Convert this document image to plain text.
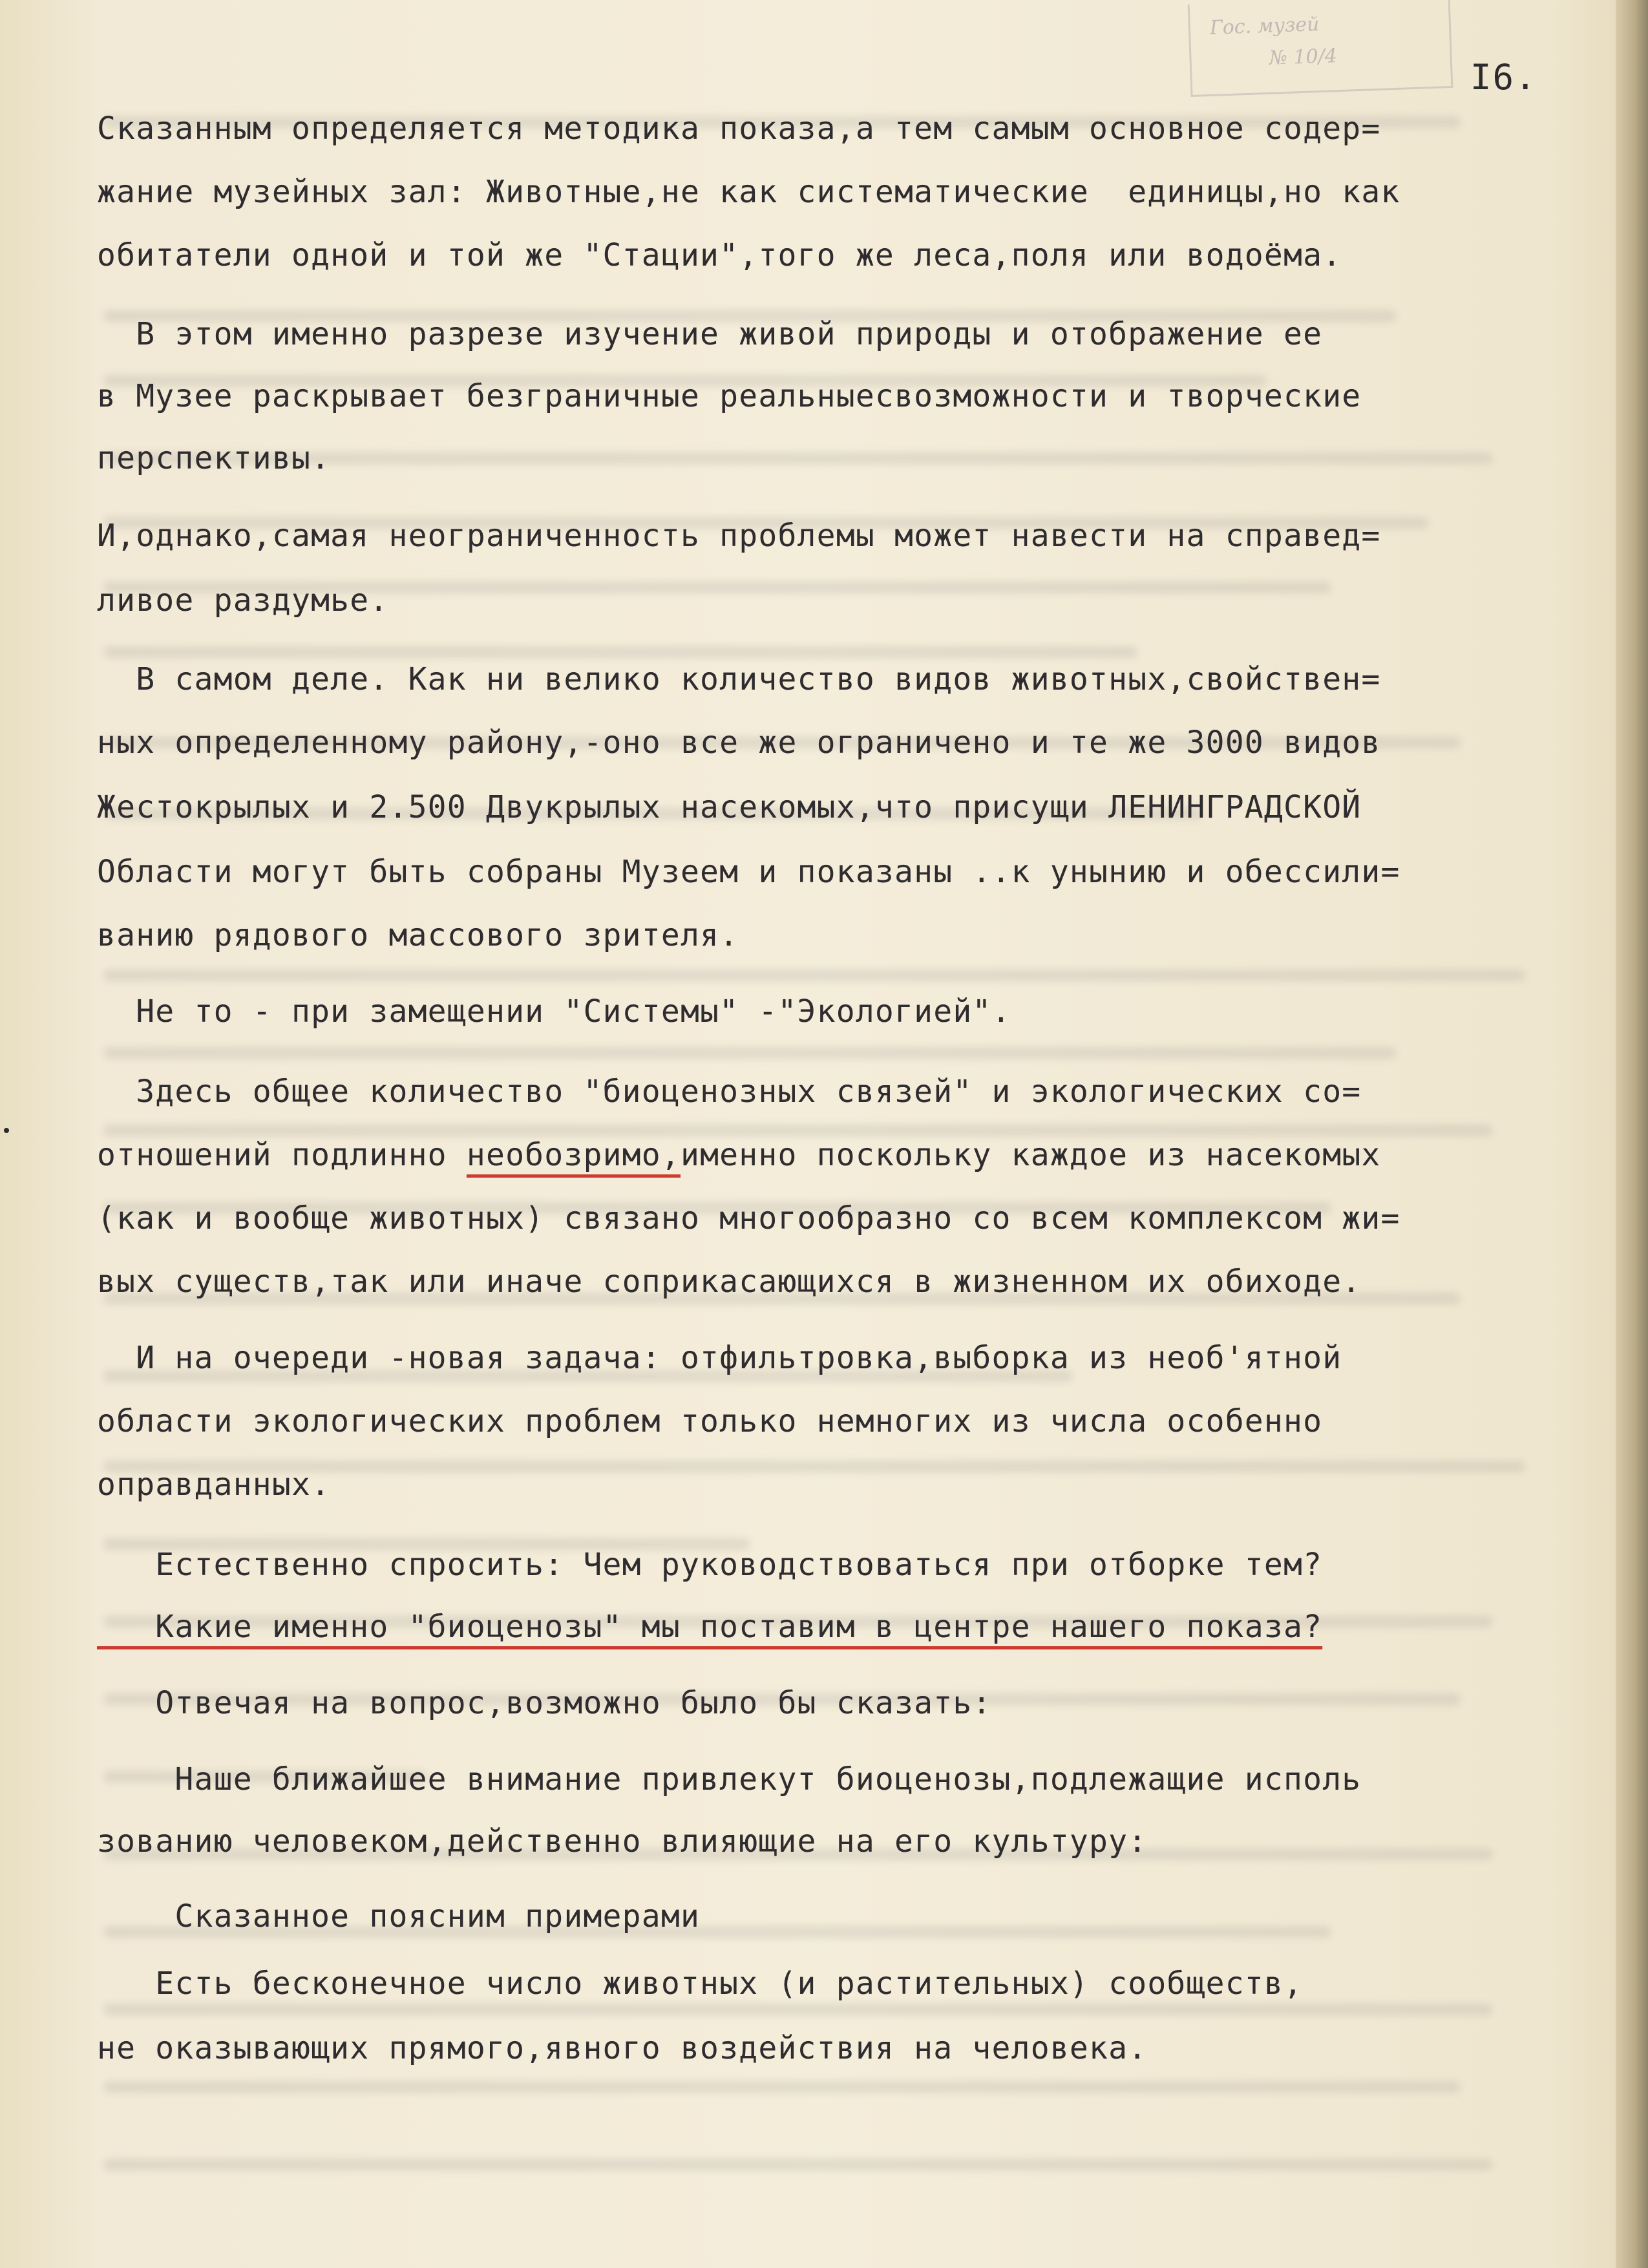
Гос. музей
№ 10/4	I6.
Сказанным определяется методика показа,а тем самым основное содер=
жание музейных зал: Животные,не как систематические  единицы,но как
обитатели одной и той же "Стации",того же леса,поля или водоёма.
В этом именно разрезе изучение живой природы и отображение ее
в Музее раскрывает безграничные реальныесвозможности и творческие
перспективы.
И,однако,самая неограниченность проблемы может навести на справед=
ливое раздумье.
В самом деле. Как ни велико количество видов животных,свойствен=
ных определенному району,-оно все же ограничено и те же 3000 видов
Жестокрылых и 2.500 Двукрылых насекомых,что присущи ЛЕНИНГРАДСКОЙ
Области могут быть собраны Музеем и показаны ..к унынию и обессили=
ванию рядового массового зрителя.
Не то - при замещении "Системы" -"Экологией".
Здесь общее количество "биоценозных связей" и экологических со=
отношений подлинно необозримо,именно поскольку каждое из насекомых
(как и вообще животных) связано многообразно со всем комплексом жи=
вых существ,так или иначе соприкасающихся в жизненном их обиходе.
И на очереди -новая задача: отфильтровка,выборка из необ'ятной
области экологических проблем только немногих из числа особенно
оправданных.
Естественно спросить: Чем руководствоваться при отборке тем?
Какие именно "биоценозы" мы поставим в центре нашего показа?
Отвечая на вопрос,возможно было бы сказать:
Наше ближайшее внимание привлекут биоценозы,подлежащие исполь
зованию человеком,действенно влияющие на его культуру:
Сказанное поясним примерами
Есть бесконечное число животных (и растительных) сообществ,
не оказывающих прямого,явного воздействия на человека.
